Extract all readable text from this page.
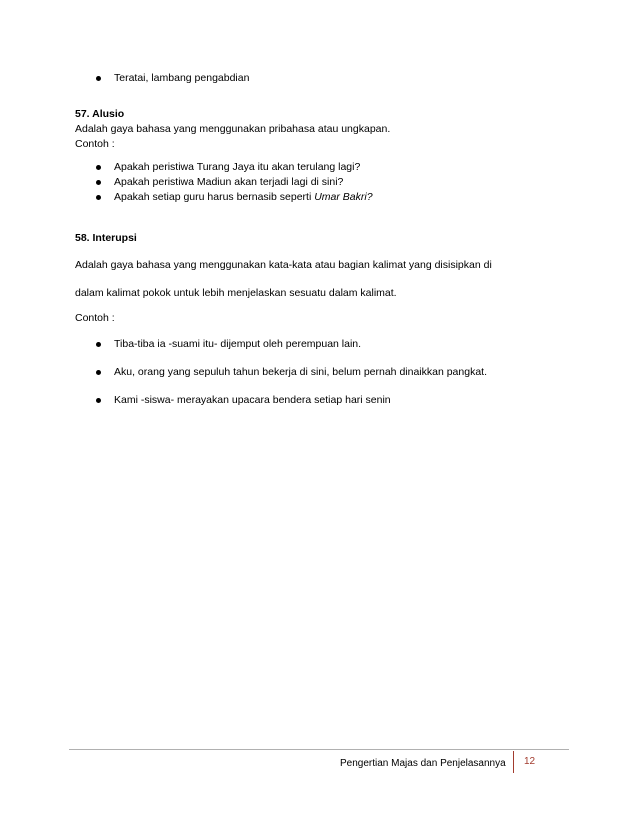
Teratai, lambang pengabdian

57. Alusio

Adalah gaya bahasa yang menggunakan pribahasa atau ungkapan.

Contoh :

Apakah peristiwa Turang Jaya itu akan terulang lagi?
Apakah peristiwa Madiun akan terjadi lagi di sini?
Apakah setiap guru harus bernasib seperti Umar Bakri?

58. Interupsi

Adalah gaya bahasa yang menggunakan kata-kata atau bagian kalimat yang disisipkan di

dalam kalimat pokok untuk lebih menjelaskan sesuatu dalam kalimat.

Contoh :

Tiba-tiba ia -suami itu- dijemput oleh perempuan lain.
Aku, orang yang sepuluh tahun bekerja di sini, belum pernah dinaikkan pangkat.
Kami -siswa- merayakan upacara bendera setiap hari senin
Pengertian Majas dan Penjelasannya	12
